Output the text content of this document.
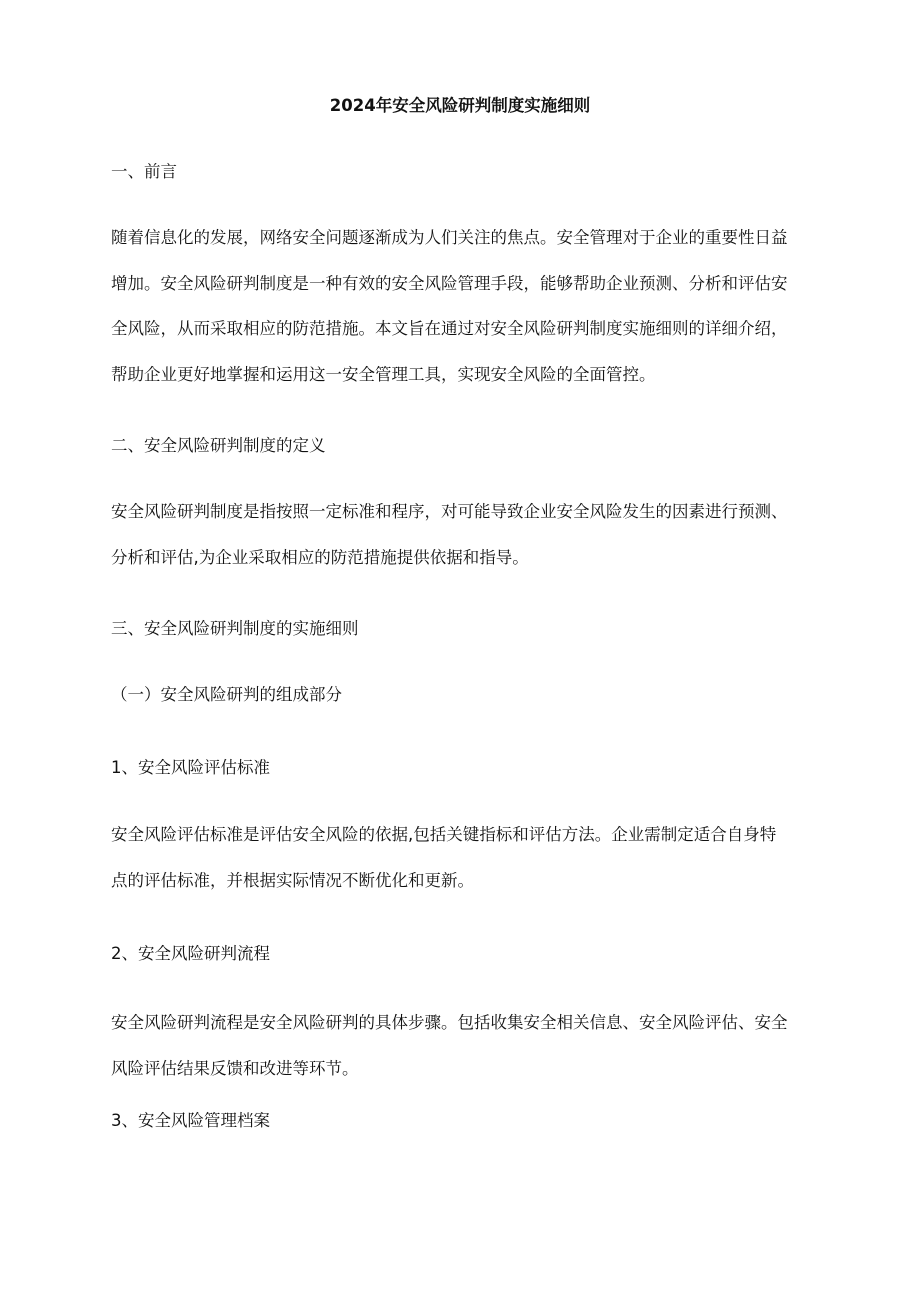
2024年安全风险研判制度实施细则
一、前言
随着信息化的发展，网络安全问题逐渐成为人们关注的焦点。安全管理对于企业的重要性日益
增加。安全风险研判制度是一种有效的安全风险管理手段，能够帮助企业预测、分析和评估安
全风险，从而采取相应的防范措施。本文旨在通过对安全风险研判制度实施细则的详细介绍，
帮助企业更好地掌握和运用这一安全管理工具，实现安全风险的全面管控。
二、安全风险研判制度的定义
安全风险研判制度是指按照一定标准和程序，对可能导致企业安全风险发生的因素进行预测、
分析和评估,为企业采取相应的防范措施提供依据和指导。
三、安全风险研判制度的实施细则
（一）安全风险研判的组成部分
1、安全风险评估标准
安全风险评估标准是评估安全风险的依据,包括关键指标和评估方法。企业需制定适合自身特
点的评估标准，并根据实际情况不断优化和更新。
2、安全风险研判流程
安全风险研判流程是安全风险研判的具体步骤。包括收集安全相关信息、安全风险评估、安全
风险评估结果反馈和改进等环节。
3、安全风险管理档案
